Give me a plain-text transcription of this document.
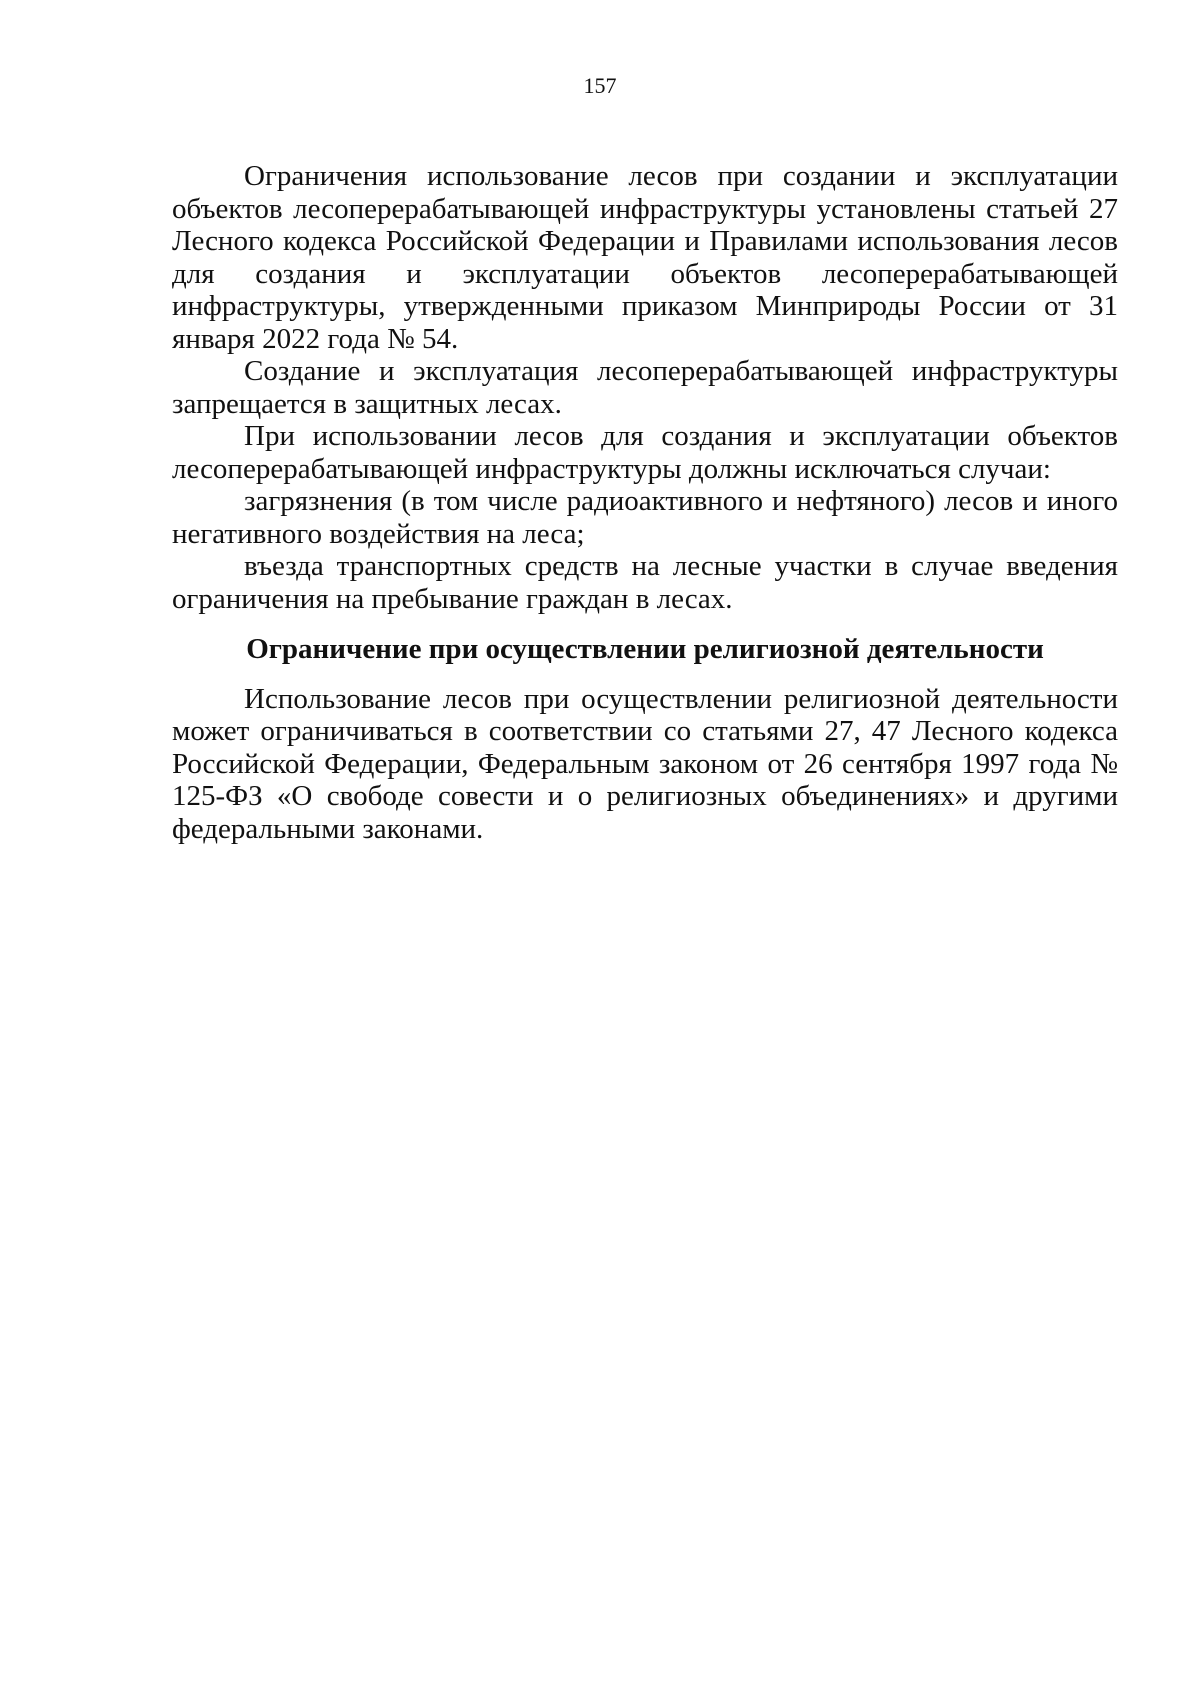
157

Ограничения использование лесов при создании и эксплуатации объектов лесоперерабатывающей инфраструктуры установлены статьей 27 Лесного кодекса Российской Федерации и Правилами использования лесов для создания и эксплуатации объектов лесоперерабатывающей инфраструктуры, утвержденными приказом Минприроды России от 31 января 2022 года № 54.

Создание и эксплуатация лесоперерабатывающей инфраструктуры запрещается в защитных лесах.

При использовании лесов для создания и эксплуатации объектов лесоперерабатывающей инфраструктуры должны исключаться случаи:

загрязнения (в том числе радиоактивного и нефтяного) лесов и иного негативного воздействия на леса;

въезда транспортных средств на лесные участки в случае введения ограничения на пребывание граждан в лесах.

Ограничение при осуществлении религиозной деятельности

Использование лесов при осуществлении религиозной деятельности может ограничиваться в соответствии со статьями 27, 47 Лесного кодекса Российской Федерации, Федеральным законом от 26 сентября 1997 года № 125-ФЗ «О свободе совести и о религиозных объединениях» и другими федеральными законами.
